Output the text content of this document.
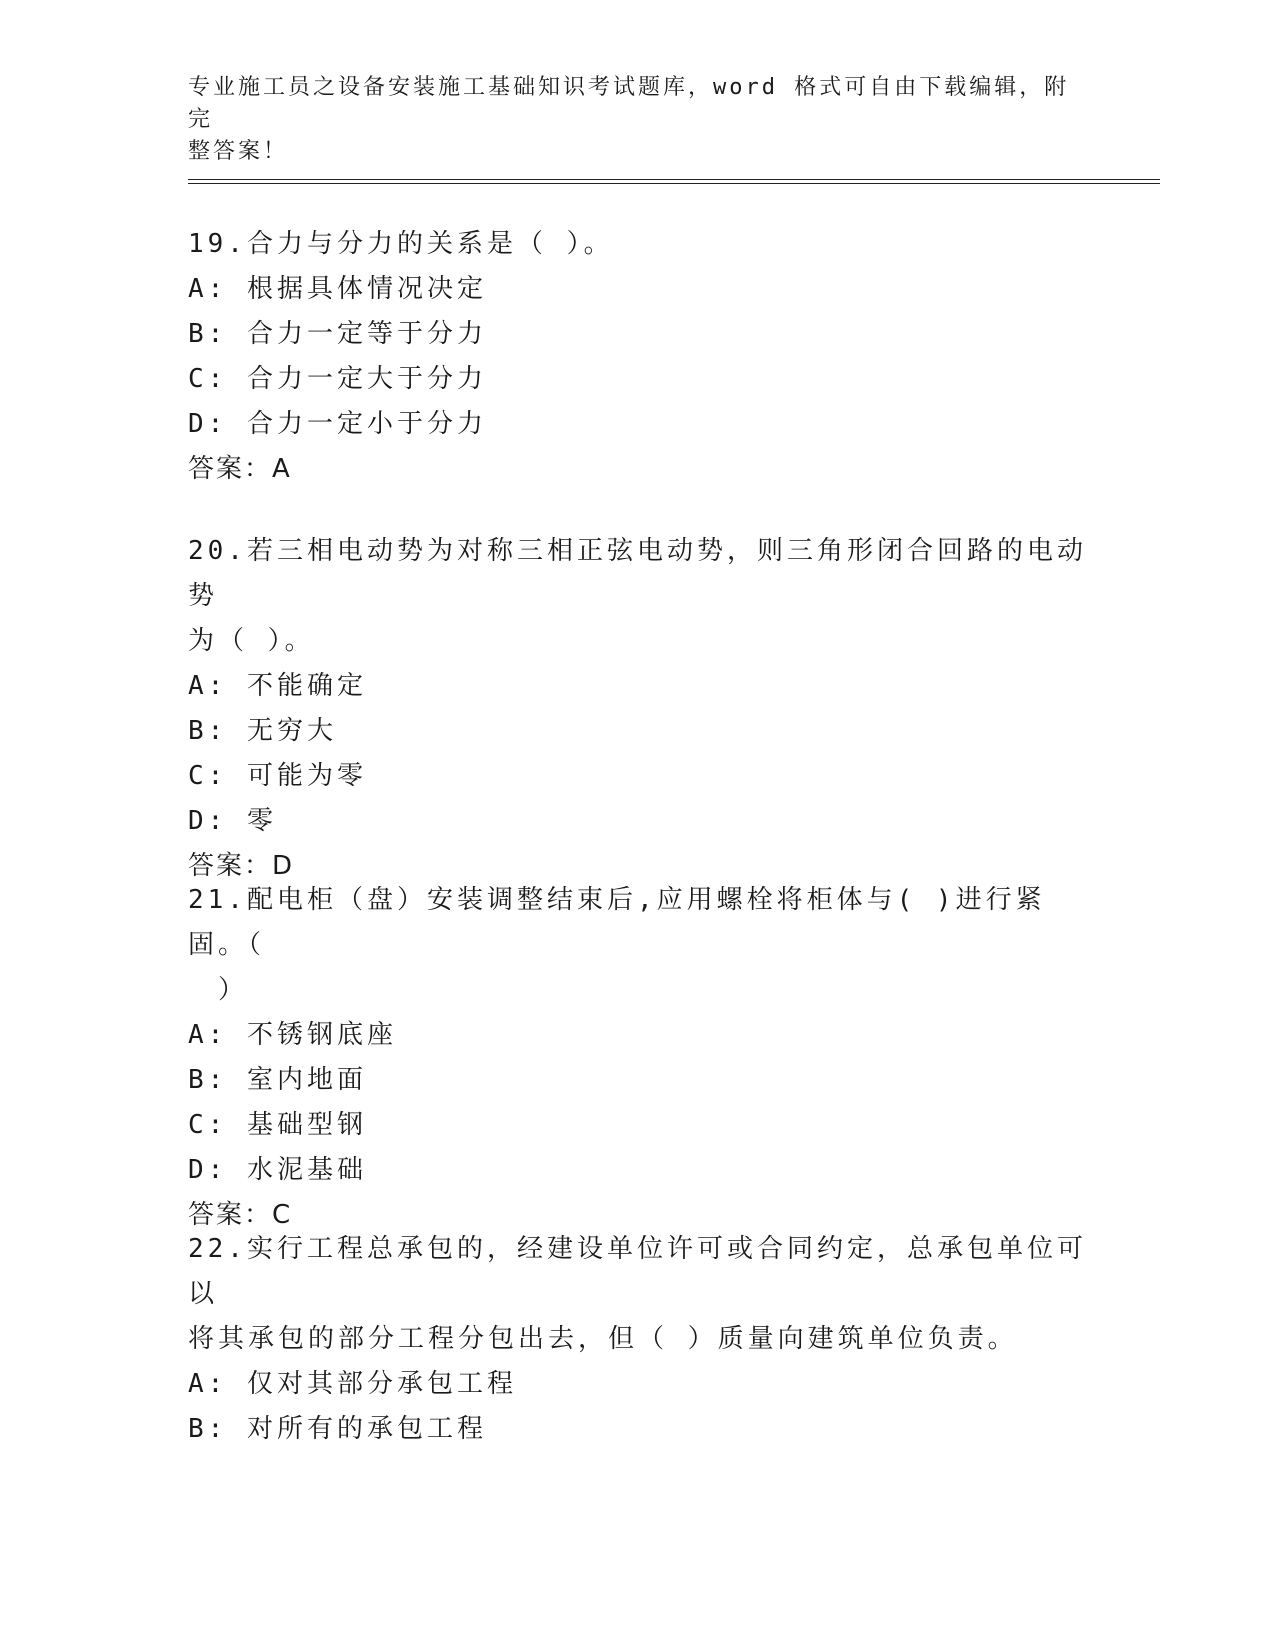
专业施工员之设备安装施工基础知识考试题库，word 格式可自由下载编辑，附完
整答案！

19.合力与分力的关系是（ ）。

A: 根据具体情况决定

B: 合力一定等于分力

C: 合力一定大于分力

D: 合力一定小于分力

答案：A

20.若三相电动势为对称三相正弦电动势，则三角形闭合回路的电动势

为（ ）。

A: 不能确定

B: 无穷大

C: 可能为零

D: 零

答案：D

21.配电柜（盘）安装调整结束后,应用螺栓将柜体与( )进行紧固。（

　）

A: 不锈钢底座

B: 室内地面

C: 基础型钢

D: 水泥基础

答案：C

22.实行工程总承包的，经建设单位许可或合同约定，总承包单位可以

将其承包的部分工程分包出去，但（ ）质量向建筑单位负责。

A: 仅对其部分承包工程

B: 对所有的承包工程
